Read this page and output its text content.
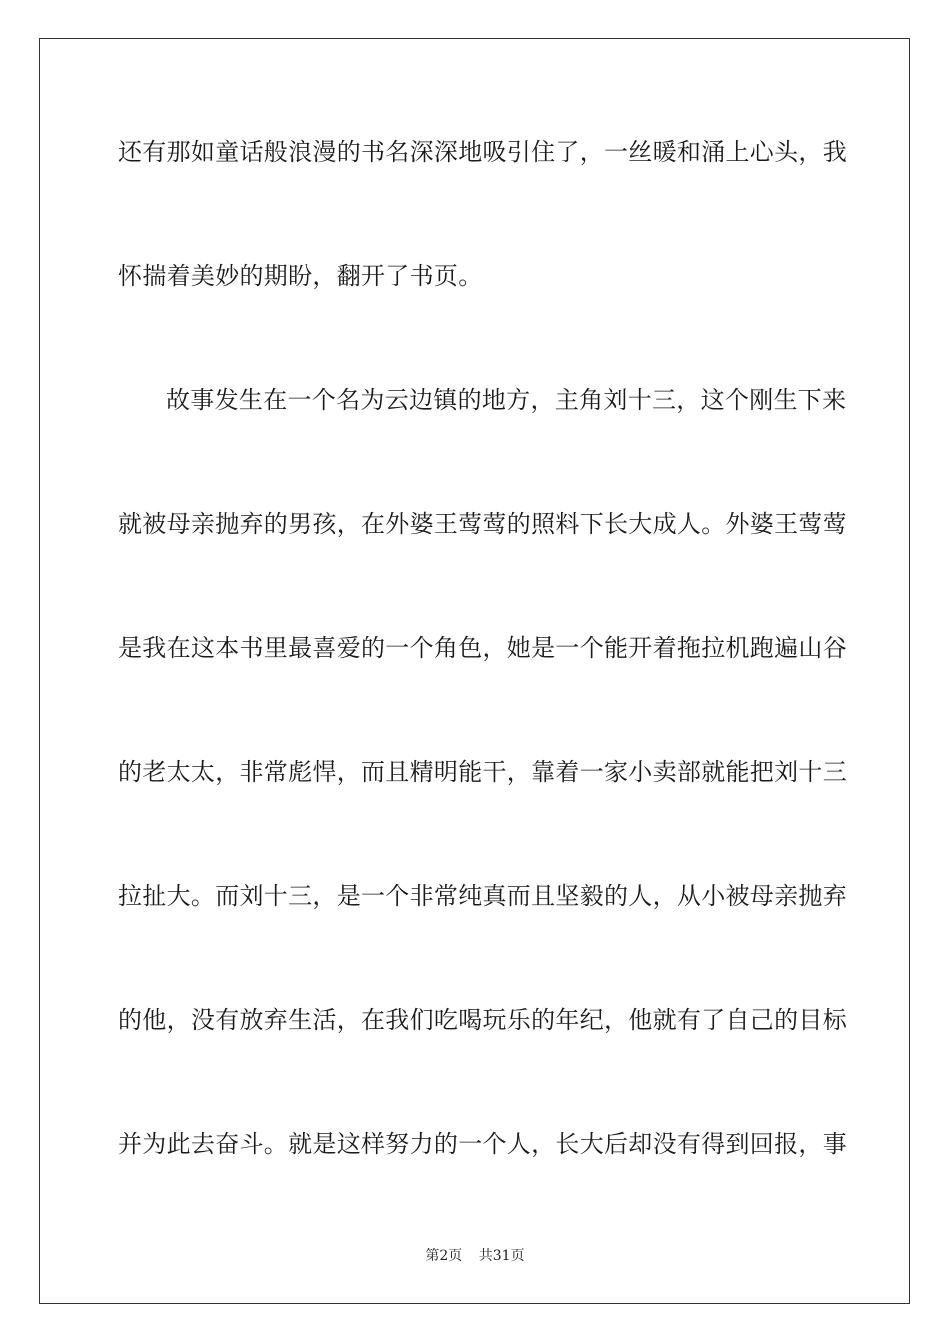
还有那如童话般浪漫的书名深深地吸引住了，一丝暖和涌上心头，我
怀揣着美妙的期盼，翻开了书页。
故事发生在一个名为云边镇的地方，主角刘十三，这个刚生下来
就被母亲抛弃的男孩，在外婆王莺莺的照料下长大成人。外婆王莺莺
是我在这本书里最喜爱的一个角色，她是一个能开着拖拉机跑遍山谷
的老太太，非常彪悍，而且精明能干，靠着一家小卖部就能把刘十三
拉扯大。而刘十三，是一个非常纯真而且坚毅的人，从小被母亲抛弃
的他，没有放弃生活，在我们吃喝玩乐的年纪，他就有了自己的目标
并为此去奋斗。就是这样努力的一个人，长大后却没有得到回报，事
第2页 共31页
